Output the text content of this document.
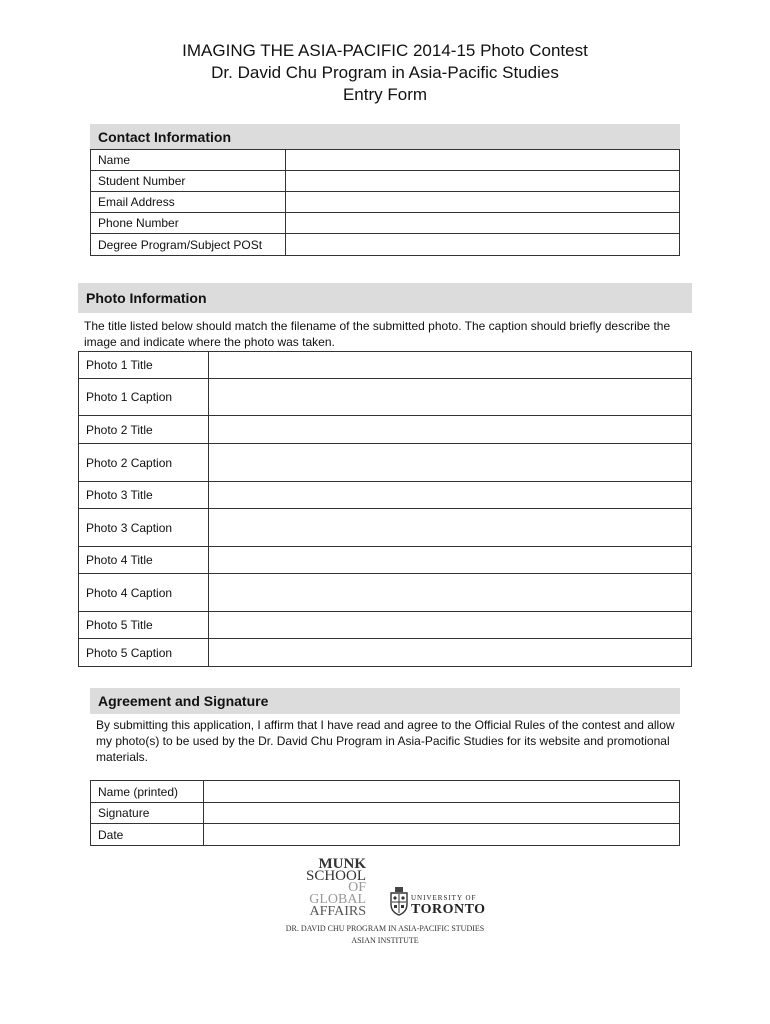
IMAGING THE ASIA-PACIFIC 2014-15 Photo Contest
Dr. David Chu Program in Asia-Pacific Studies
Entry Form
Contact Information
Name	
Student Number	
Email Address	
Phone Number	
Degree Program/Subject POSt	
Photo Information
The title listed below should match the filename of the submitted photo. The caption should briefly describe the image and indicate where the photo was taken.
Photo 1 Title	
Photo 1 Caption	
Photo 2 Title	
Photo 2 Caption	
Photo 3 Title	
Photo 3 Caption	
Photo 4 Title	
Photo 4 Caption	
Photo 5 Title	
Photo 5 Caption	
Agreement and Signature
By submitting this application, I affirm that I have read and agree to the Official Rules of the contest and allow my photo(s) to be used by the Dr. David Chu Program in Asia-Pacific Studies for its website and promotional materials.
Name (printed)	
Signature	
Date	
MUNK
SCHOOL
OF
GLOBAL
AFFAIRS
UNIVERSITY OF
TORONTO
DR. DAVID CHU PROGRAM IN ASIA-PACIFIC STUDIES
ASIAN INSTITUTE
